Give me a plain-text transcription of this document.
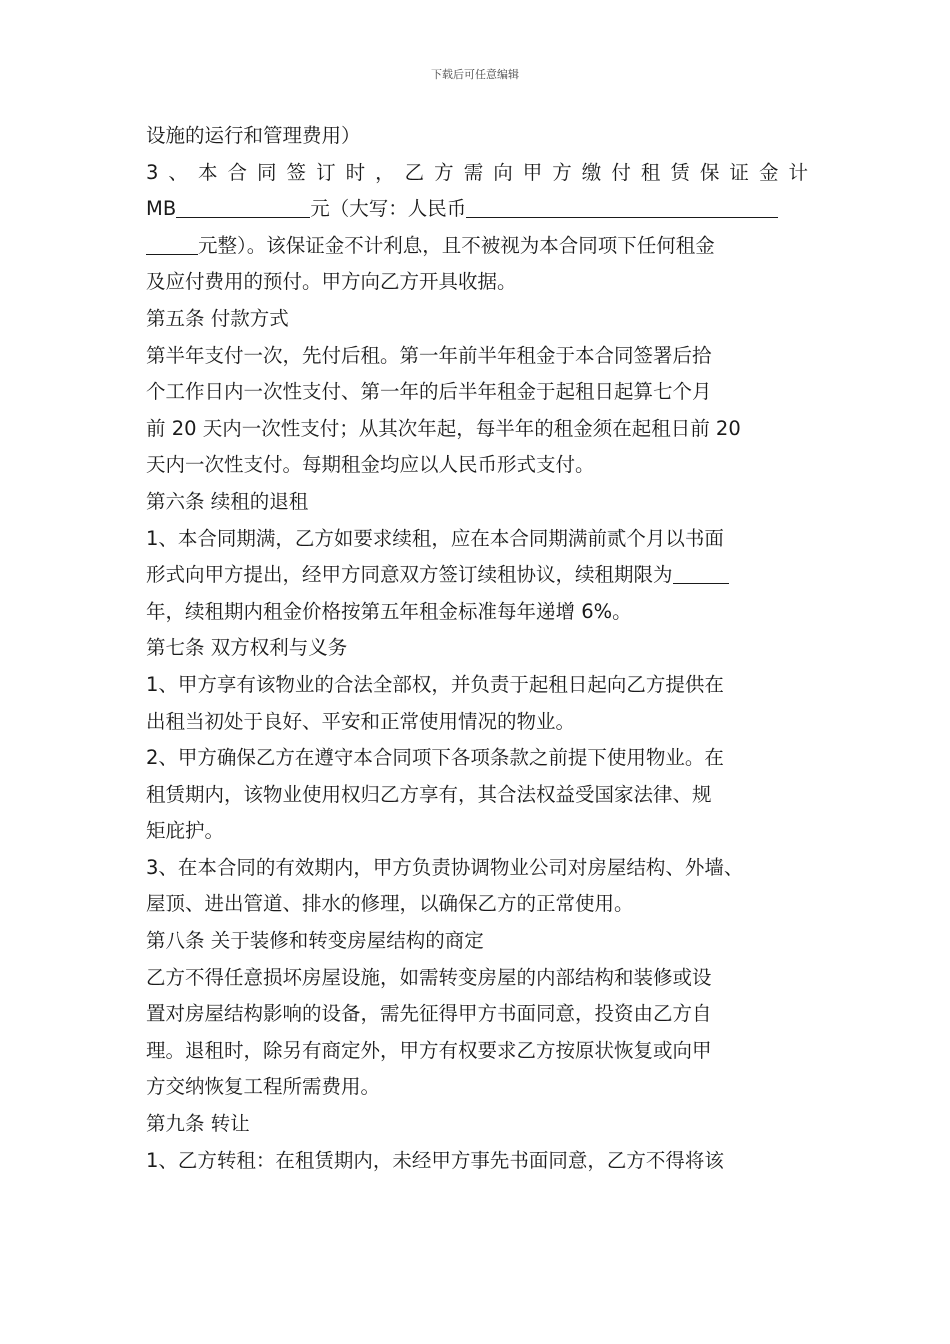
下载后可任意编辑
设施的运行和管理费用）
3、本合同签订时，乙方需向甲方缴付租赁保证金计
MB	元（大写：人民币
元整）。该保证金不计利息，且不被视为本合同项下任何租金
及应付费用的预付。甲方向乙方开具收据。
第五条 付款方式
第半年支付一次，先付后租。第一年前半年租金于本合同签署后拾
个工作日内一次性支付、第一年的后半年租金于起租日起算七个月
前 20 天内一次性支付；从其次年起，每半年的租金须在起租日前 20
天内一次性支付。每期租金均应以人民币形式支付。
第六条 续租的退租
1、本合同期满，乙方如要求续租，应在本合同期满前贰个月以书面
形式向甲方提出，经甲方同意双方签订续租协议，续租期限为
年，续租期内租金价格按第五年租金标准每年递增 6%。
第七条 双方权利与义务
1、甲方享有该物业的合法全部权，并负责于起租日起向乙方提供在
出租当初处于良好、平安和正常使用情况的物业。
2、甲方确保乙方在遵守本合同项下各项条款之前提下使用物业。在
租赁期内，该物业使用权归乙方享有，其合法权益受国家法律、规
矩庇护。
3、在本合同的有效期内，甲方负责协调物业公司对房屋结构、外墙、
屋顶、进出管道、排水的修理，以确保乙方的正常使用。
第八条 关于装修和转变房屋结构的商定
乙方不得任意损坏房屋设施，如需转变房屋的内部结构和装修或设
置对房屋结构影响的设备，需先征得甲方书面同意，投资由乙方自
理。退租时，除另有商定外，甲方有权要求乙方按原状恢复或向甲
方交纳恢复工程所需费用。
第九条 转让
1、乙方转租：在租赁期内，未经甲方事先书面同意，乙方不得将该
